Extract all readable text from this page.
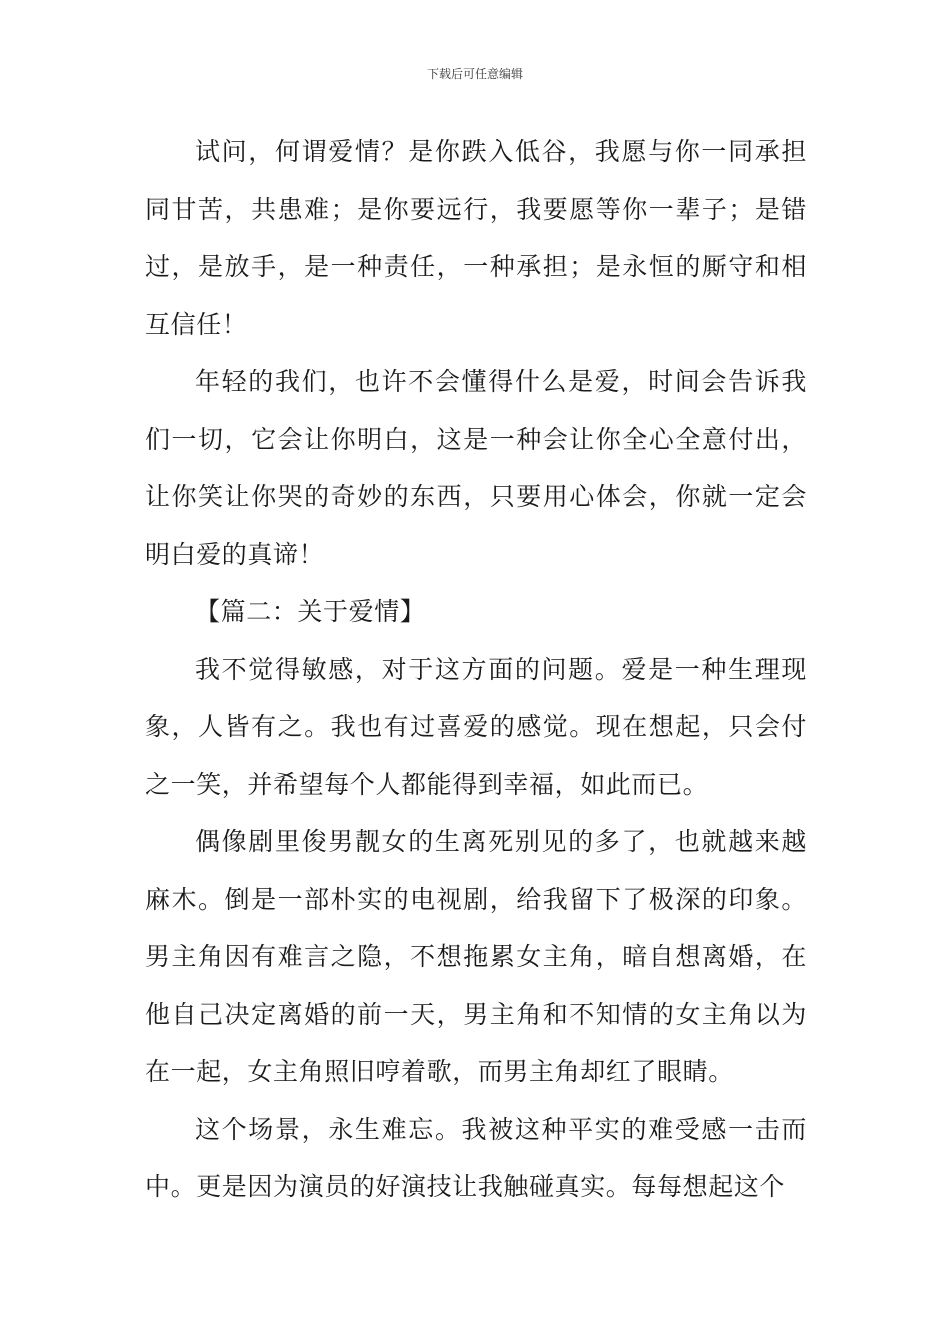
下载后可任意编辑

试问，何谓爱情？是你跌入低谷，我愿与你一同承担同甘苦，共患难；是你要远行，我要愿等你一辈子；是错过，是放手，是一种责任，一种承担；是永恒的厮守和相互信任！

年轻的我们，也许不会懂得什么是爱，时间会告诉我们一切，它会让你明白，这是一种会让你全心全意付出，让你笑让你哭的奇妙的东西，只要用心体会，你就一定会明白爱的真谛！

【篇二：关于爱情】

我不觉得敏感，对于这方面的问题。爱是一种生理现象，人皆有之。我也有过喜爱的感觉。现在想起，只会付之一笑，并希望每个人都能得到幸福，如此而已。

偶像剧里俊男靓女的生离死别见的多了，也就越来越麻木。倒是一部朴实的电视剧，给我留下了极深的印象。男主角因有难言之隐，不想拖累女主角，暗自想离婚，在他自己决定离婚的前一天，男主角和不知情的女主角以为在一起，女主角照旧哼着歌，而男主角却红了眼睛。

这个场景，永生难忘。我被这种平实的难受感一击而中。更是因为演员的好演技让我触碰真实。每每想起这个
